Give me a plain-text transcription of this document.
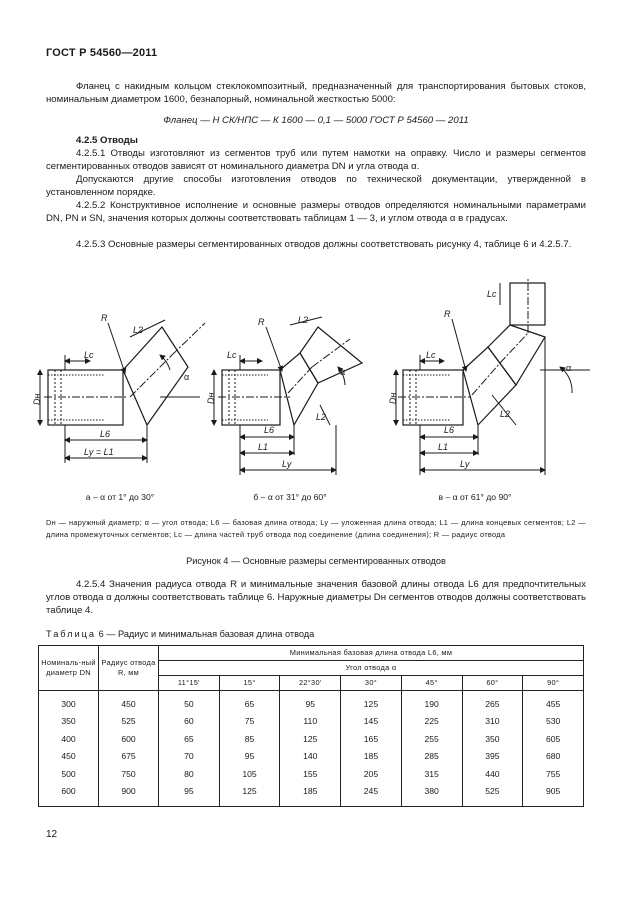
ГОСТ Р 54560—2011
Фланец с накидным кольцом стеклокомпозитный, предназначенный для транспортирования бытовых стоков, номинальным диаметром 1600, безнапорный, номинальной жесткостью 5000:
Фланец — Н СК/НПС — К 1600 — 0,1 — 5000 ГОСТ Р 54560 — 2011
4.2.5 Отводы
4.2.5.1 Отводы изготовляют из сегментов труб или путем намотки на оправку. Число и размеры сегментов сегментированных отводов зависят от номинального диаметра DN и угла отвода α.
Допускаются другие способы изготовления отводов по технической документации, утвержденной в установленном порядке.
4.2.5.2 Конструктивное исполнение и основные размеры отводов определяются номинальными параметрами DN, PN и SN, значения которых должны соответствовать таблицам 1 — 3, и углом отвода α в градусах.
4.2.5.3 Основные размеры сегментированных отводов должны соответствовать рисунку 4, таблице 6 и 4.2.5.7.
R
Lc
L2
α
L6
Ly = L1
Dн
R
Lc
L2
α
L2
L6
L1
Ly
Dн
R
Lc
Lc
α
L2
L6
L1
Ly
Dн
а – α от 1° до 30°	б – α от 31° до 60°	в – α от 61° до 90°
Dн — наружный диаметр; α — угол отвода; L6 — базовая длина отвода; Ly — уложенная длина отвода; L1 — длина концевых сегментов; L2 — длина промежуточных сегментов; Lc — длина частей труб отвода под соединение (длина соединения); R — радиус отвода
Рисунок 4 — Основные размеры сегментированных отводов
4.2.5.4 Значения радиуса отвода R и минимальные значения базовой длины отвода L6 для предпочтительных углов отвода α должны соответствовать таблице 6. Наружные диаметры Dн сегментов отводов должны соответствовать таблице 4.
Таблица 6 — Радиус и минимальная базовая длина отвода
Номиналь-ный диаметр DN	Радиус отвода R, мм	Минимальная базовая длина отвода L6, мм						
		Угол отвода α						
		11°15'	15°	22°30'	30°	45°	60°	90°
300	450	50	65	95	125	190	265	455
350	525	60	75	110	145	225	310	530
400	600	65	85	125	165	255	350	605
450	675	70	95	140	185	285	395	680
500	750	80	105	155	205	315	440	755
600	900	95	125	185	245	380	525	905
12
